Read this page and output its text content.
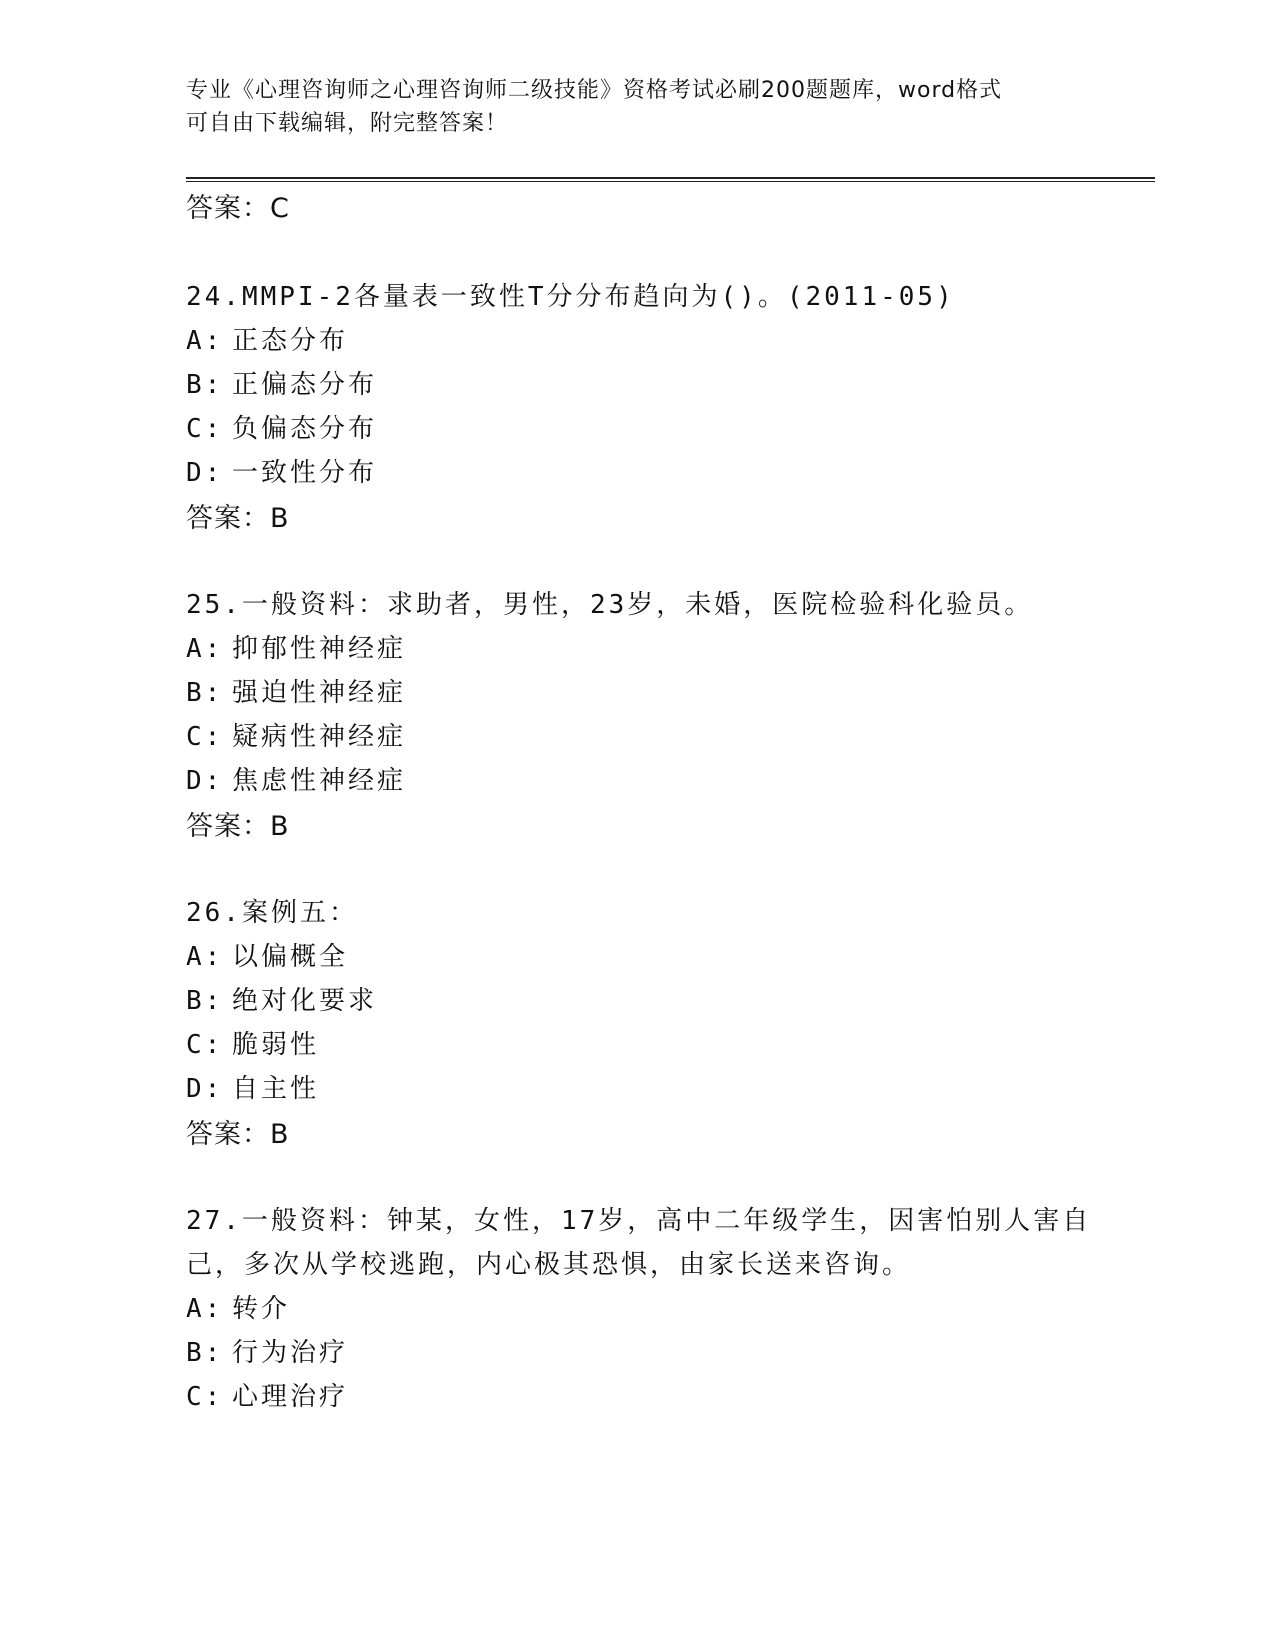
专业《心理咨询师之心理咨询师二级技能》资格考试必刷200题题库，word格式
可自由下载编辑，附完整答案！
答案：C
24.MMPI-2各量表一致性T分分布趋向为()。(2011-05)
A: 正态分布
B: 正偏态分布
C: 负偏态分布
D: 一致性分布
答案：B
25.一般资料：求助者，男性，23岁，未婚，医院检验科化验员。
A: 抑郁性神经症
B: 强迫性神经症
C: 疑病性神经症
D: 焦虑性神经症
答案：B
26.案例五：
A: 以偏概全
B: 绝对化要求
C: 脆弱性
D: 自主性
答案：B
27.一般资料：钟某，女性，17岁，高中二年级学生，因害怕别人害自
己，多次从学校逃跑，内心极其恐惧，由家长送来咨询。
A: 转介
B: 行为治疗
C: 心理治疗
